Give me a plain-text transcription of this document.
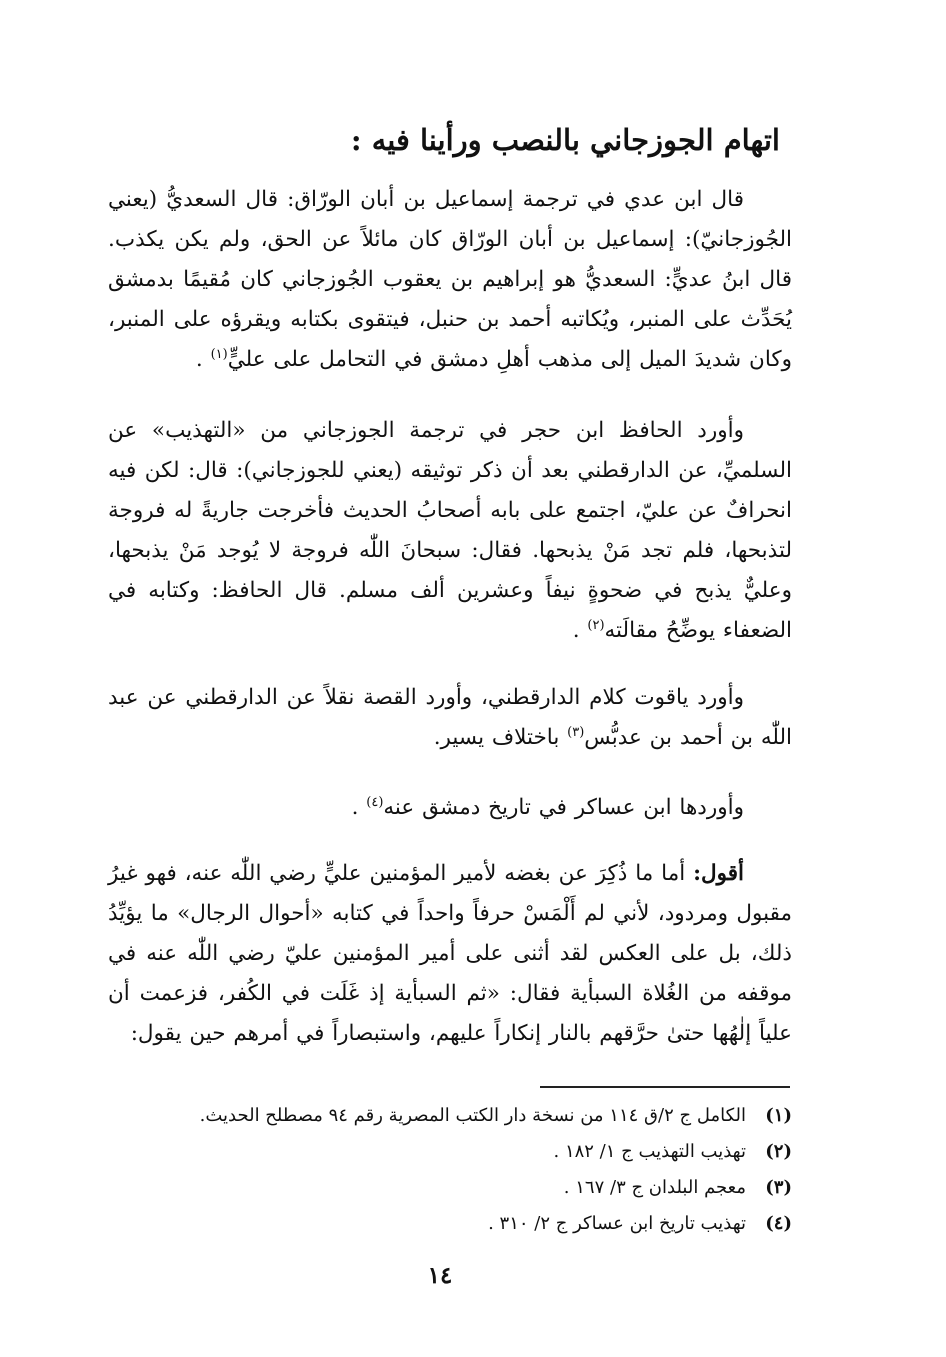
اتهام الجوزجاني بالنصب ورأينا فيه :

قال ابن عدي في ترجمة إسماعيل بن أبان الورّاق: قال السعديُّ (يعني الجُوزجانيّ): إسماعيل بن أبان الورّاق كان مائلاً عن الحق، ولم يكن يكذب. قال ابنُ عديٍّ: السعديُّ هو إبراهيم بن يعقوب الجُوزجاني كان مُقيمًا بدمشق يُحَدِّث على المنبر، ويُكاتبه أحمد بن حنبل، فيتقوى بكتابه ويقرؤه على المنبر، وكان شديدَ الميل إلى مذهب أهلِ دمشق في التحامل على عليٍّ$^{(١)}$ .

وأورد الحافظ ابن حجر في ترجمة الجوزجاني من «التهذيب» عن السلميِّ، عن الدارقطني بعد أن ذكر توثيقه (يعني للجوزجاني): قال: لكن فيه انحرافٌ عن عليّ، اجتمع على بابه أصحابُ الحديث فأخرجت جاريةً له فروجة لتذبحها، فلم تجد مَنْ يذبحها. فقال: سبحانَ اللّٰه فروجة لا يُوجد مَنْ يذبحها، وعليٌّ يذبح في ضحوةٍ نيفاً وعشرين ألف مسلم. قال الحافظ: وكتابه في الضعفاء يوضِّحُ مقالَته$^{(٢)}$ .

وأورد ياقوت كلام الدارقطني، وأورد القصة نقلاً عن الدارقطني عن عبد اللّٰه بن أحمد بن عدبُّس$^{(٣)}$ باختلاف يسير.

وأوردها ابن عساكر في تاريخ دمشق عنه$^{(٤)}$ .

أقول: أما ما ذُكِرَ عن بغضه لأمير المؤمنين عليٍّ رضي اللّٰه عنه، فهو غيرُ مقبول ومردود، لأني لم أَلْمَسْ حرفاً واحداً في كتابه «أحوال الرجال» ما يؤيِّدُ ذلك، بل على العكس لقد أثنى على أمير المؤمنين عليّ رضي اللّٰه عنه في موقفه من الغُلاة السبأية فقال: «ثم السبأية إذ غَلَت في الكُفر، فزعمت أن علياً إلٰهُها حتىٰ حرَّقهم بالنار إنكاراً عليهم، واستبصاراً في أمرهم حين يقول:

(١)الكامل ج ٢/ق ١١٤ من نسخة دار الكتب المصرية رقم ٩٤ مصطلح الحديث.
(٢)تهذيب التهذيب ج ١/ ١٨٢ .
(٣)معجم البلدان ج ٣/ ١٦٧ .
(٤)تهذيب تاريخ ابن عساكر ج ٢/ ٣١٠ .
١٤
